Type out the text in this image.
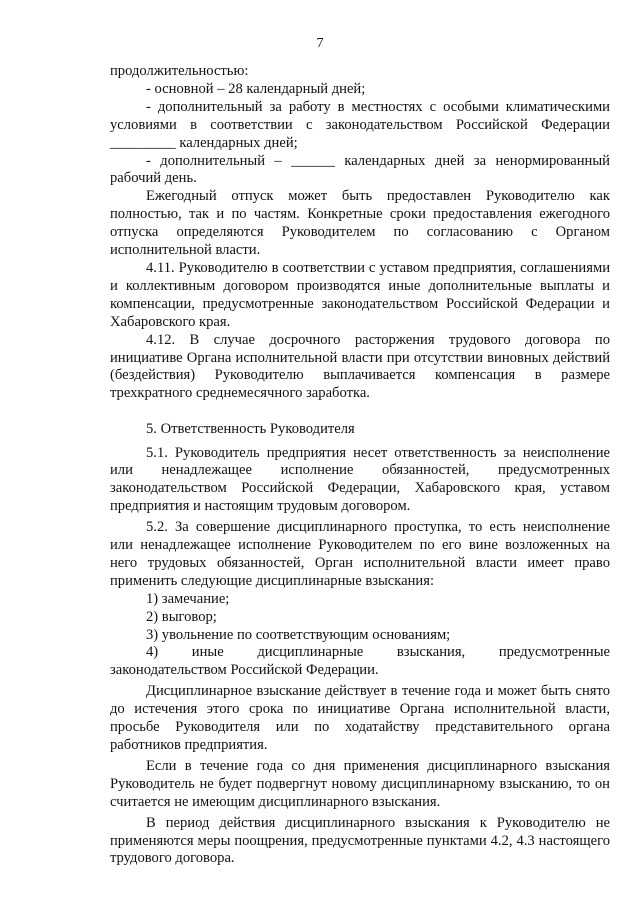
7

продолжительностью:

- основной – 28 календарный дней;

- дополнительный за работу в местностях с особыми климатическими условиями в соответствии с законодательством Российской Федерации _________ календарных дней;

- дополнительный – ______ календарных дней за ненормированный рабочий день.

Ежегодный отпуск может быть предоставлен Руководителю как полностью, так и по частям. Конкретные сроки предоставления ежегодного отпуска определяются Руководителем по согласованию с Органом исполнительной власти.

4.11. Руководителю в соответствии с уставом предприятия, соглашениями и коллективным договором производятся иные дополнительные выплаты и компенсации, предусмотренные законодательством Российской Федерации и Хабаровского края.

4.12. В случае досрочного расторжения трудового договора по инициативе Органа исполнительной власти при отсутствии виновных действий (бездействия) Руководителю выплачивается компенсация в размере трехкратного среднемесячного заработка.

5. Ответственность Руководителя

5.1. Руководитель предприятия несет ответственность за неисполнение или ненадлежащее исполнение обязанностей, предусмотренных законодательством Российской Федерации, Хабаровского края, уставом предприятия и настоящим трудовым договором.

5.2. За совершение дисциплинарного проступка, то есть неисполнение или ненадлежащее исполнение Руководителем по его вине возложенных на него трудовых обязанностей, Орган исполнительной власти имеет право применить следующие дисциплинарные взыскания:

1) замечание;

2) выговор;

3) увольнение по соответствующим основаниям;

4) иные дисциплинарные взыскания, предусмотренные законодательством Российской Федерации.

Дисциплинарное взыскание действует в течение года и может быть снято до истечения этого срока по инициативе Органа исполнительной власти, просьбе Руководителя или по ходатайству представительного органа работников предприятия.

Если в течение года со дня применения дисциплинарного взыскания Руководитель не будет подвергнут новому дисциплинарному взысканию, то он считается не имеющим дисциплинарного взыскания.

В период действия дисциплинарного взыскания к Руководителю не применяются меры поощрения, предусмотренные пунктами 4.2, 4.3 настоящего трудового договора.
